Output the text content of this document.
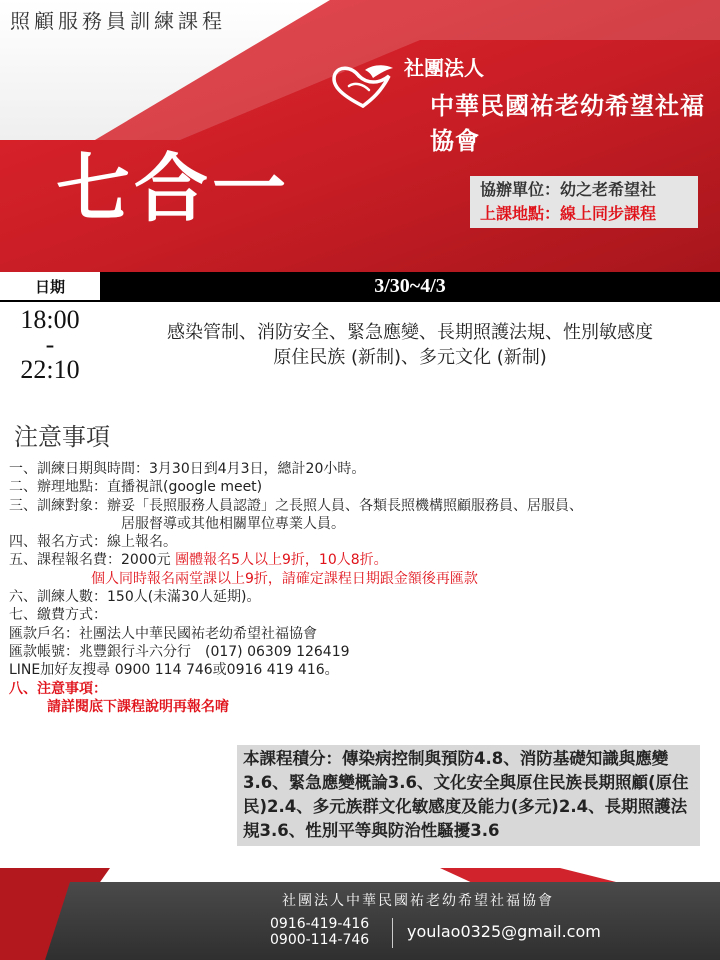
照顧服務員訓練課程
社團法人
中華民國祐老幼希望社福協會
七合一	協辦單位：幼之老希望社
上課地點：線上同步課程
日期	3/30~4/3
18:00
-
22:10
感染管制、消防安全、緊急應變、長期照護法規、性別敏感度
原住民族 (新制)、多元文化 (新制)
注意事項
一、訓練日期與時間：3月30日到4月3日，總計20小時。
二、辦理地點：直播視訊(google meet)
三、訓練對象：辦妥「長照服務人員認證」之長照人員、各類長照機構照顧服務員、居服員、
居服督導或其他相關單位專業人員。
四、報名方式：線上報名。
五、課程報名費：2000元 團體報名5人以上9折，10人8折。
個人同時報名兩堂課以上9折，請確定課程日期跟金額後再匯款
六、訓練人數：150人(未滿30人延期)。
七、繳費方式：
匯款戶名：社團法人中華民國祐老幼希望社福協會
匯款帳號：兆豐銀行斗六分行　(017) 06309 126419
LINE加好友搜尋 0900 114 746或0916 419 416。
八、注意事項：
請詳閱底下課程說明再報名唷
本課程積分：傳染病控制與預防4.8、消防基礎知識與應變3.6、緊急應變概論3.6、文化安全與原住民族長期照顧(原住民)2.4、多元族群文化敏感度及能力(多元)2.4、長期照護法規3.6、性別平等與防治性騷擾3.6
社團法人中華民國祐老幼希望社福協會
0916-419-416
0900-114-746 youlao0325@gmail.com
